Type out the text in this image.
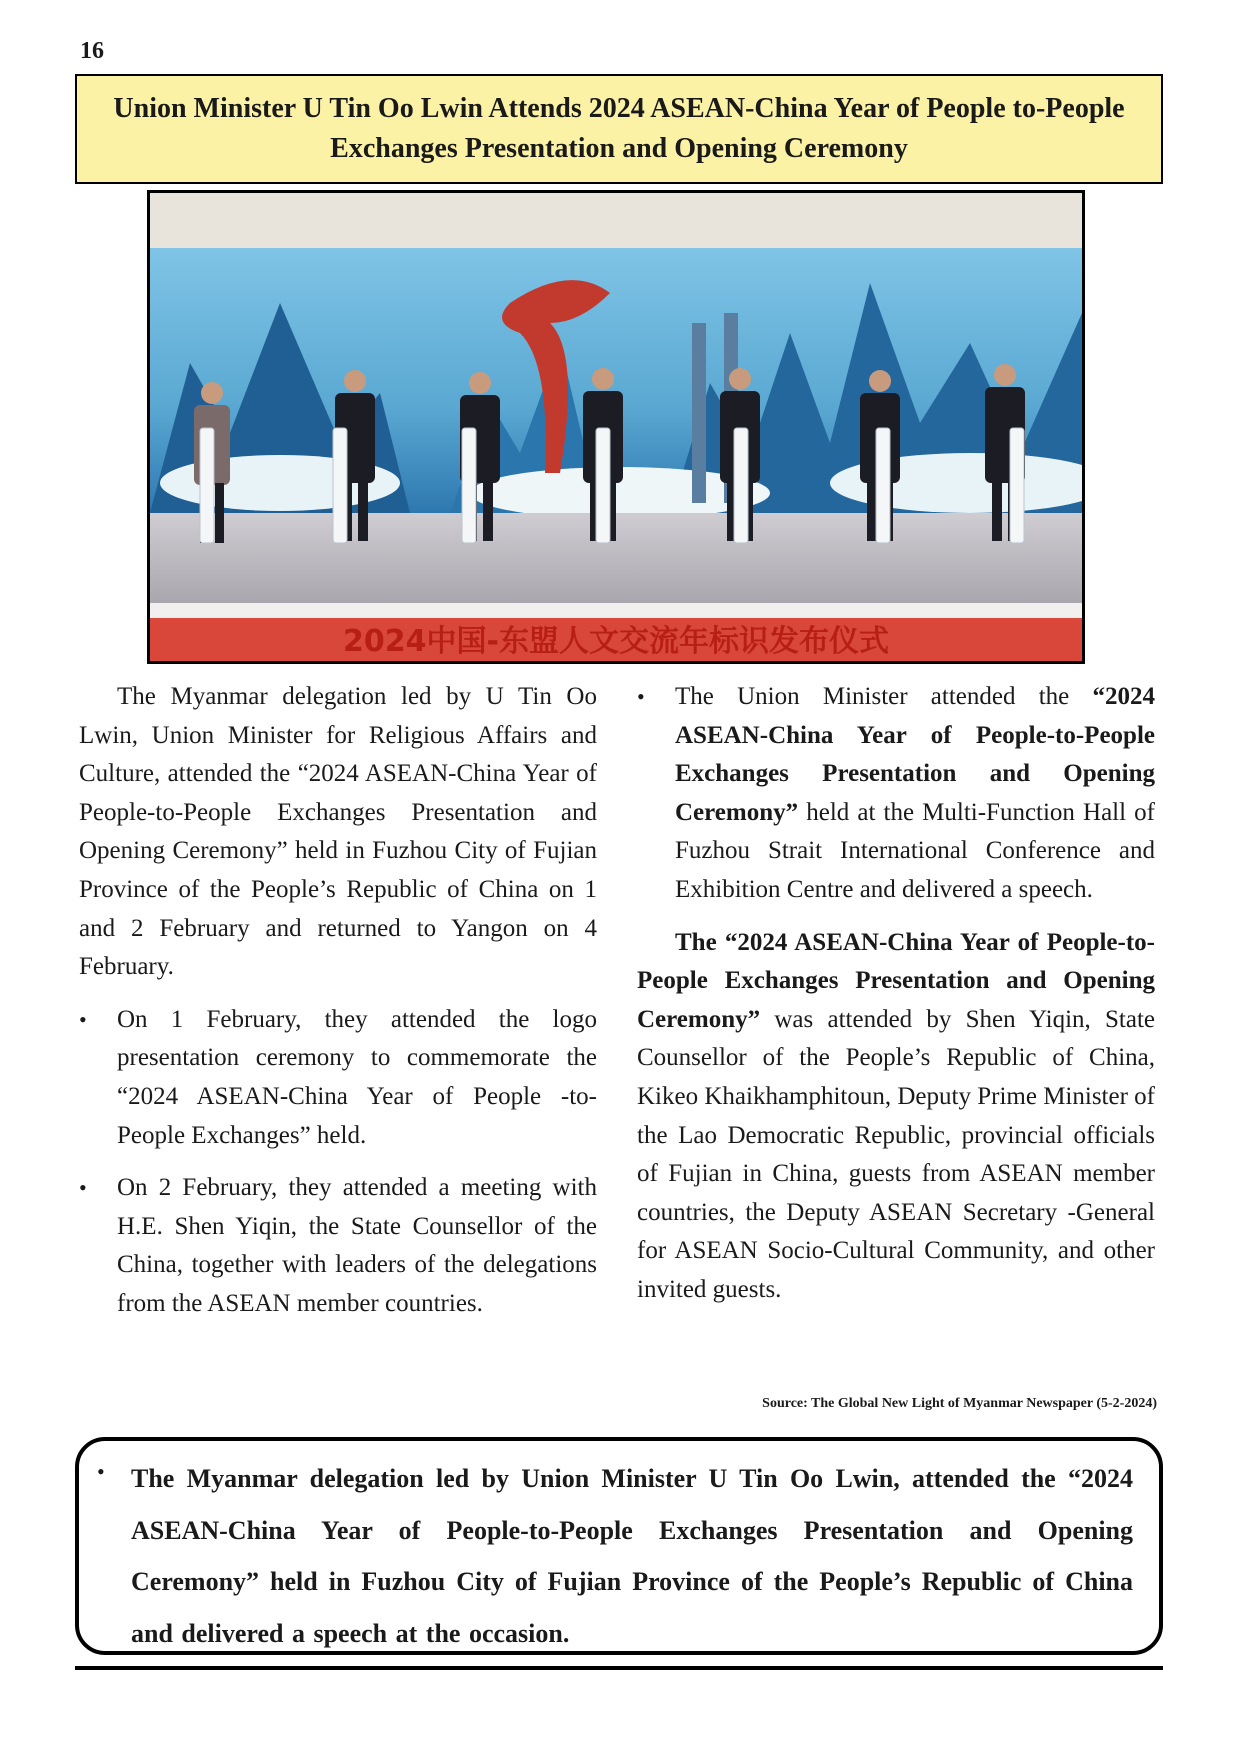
16
Union Minister U Tin Oo Lwin Attends 2024 ASEAN-China Year of People to-People Exchanges Presentation and Opening Ceremony
2024中国-东盟人文交流年标识发布仪式

The Myanmar delegation led by U Tin Oo Lwin, Union Minister for Religious Affairs and Culture, attended the “2024 ASEAN-China Year of People-to-People Exchanges Presentation and Opening Ceremony” held in Fuzhou City of Fujian Province of the People’s Republic of China on 1 and 2 February and returned to Yangon on 4 February.

•	On 1 February, they attended the logo presentation ceremony to commemorate the “2024 ASEAN-China Year of People -to-People Exchanges” held.
•	On 2 February, they attended a meeting with H.E. Shen Yiqin, the State Counsellor of the China, together with leaders of the delegations from the ASEAN member countries.
•	The Union Minister attended the “2024 ASEAN-China Year of People-to-People Exchanges Presentation and Opening Ceremony” held at the Multi-Function Hall of Fuzhou Strait International Conference and Exhibition Centre and delivered a speech.

The “2024 ASEAN-China Year of People-to-People Exchanges Presentation and Opening Ceremony” was attended by Shen Yiqin, State Counsellor of the People’s Republic of China, Kikeo Khaikhamphitoun, Deputy Prime Minister of the Lao Democratic Republic, provincial officials of Fujian in China, guests from ASEAN member countries, the Deputy ASEAN Secretary -General for ASEAN Socio-Cultural Community, and other invited guests.

Source: The Global New Light of Myanmar Newspaper (5-2-2024)
• The Myanmar delegation led by Union Minister U Tin Oo Lwin, attended the “2024 ASEAN-China Year of People-to-People Exchanges Presentation and Opening Ceremony” held in Fuzhou City of Fujian Province of the People’s Republic of China and delivered a speech at the occasion.
